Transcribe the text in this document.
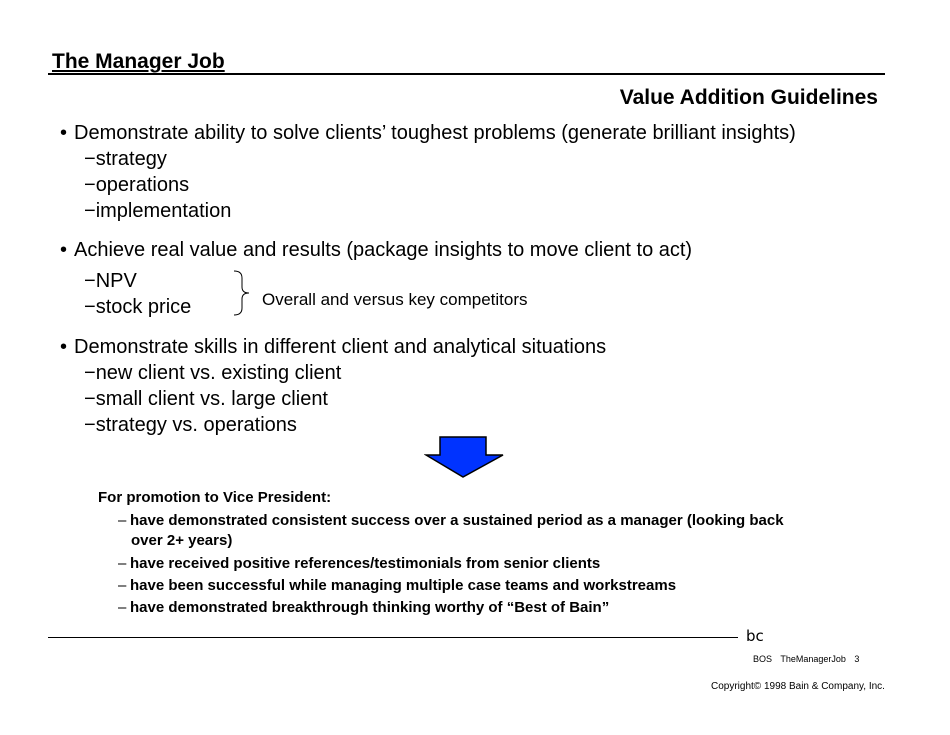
The Manager Job
Value Addition Guidelines
• Demonstrate ability to solve clients’ toughest problems (generate brilliant insights)
−strategy
−operations
−implementation
• Achieve real value and results (package insights to move client to act)
−NPV
−stock price	Overall and versus key competitors
• Demonstrate skills in different client and analytical situations
−new client vs. existing client
−small client vs. large client
−strategy vs. operations
For promotion to Vice President:
– have demonstrated consistent success over a sustained period as a manager (looking back
over 2+ years)
– have received positive references/testimonials from senior clients
– have been successful while managing multiple case teams and workstreams
– have demonstrated breakthrough thinking worthy of “Best of Bain”
bc
BOS TheManagerJob 3
Copyright© 1998 Bain & Company, Inc.
